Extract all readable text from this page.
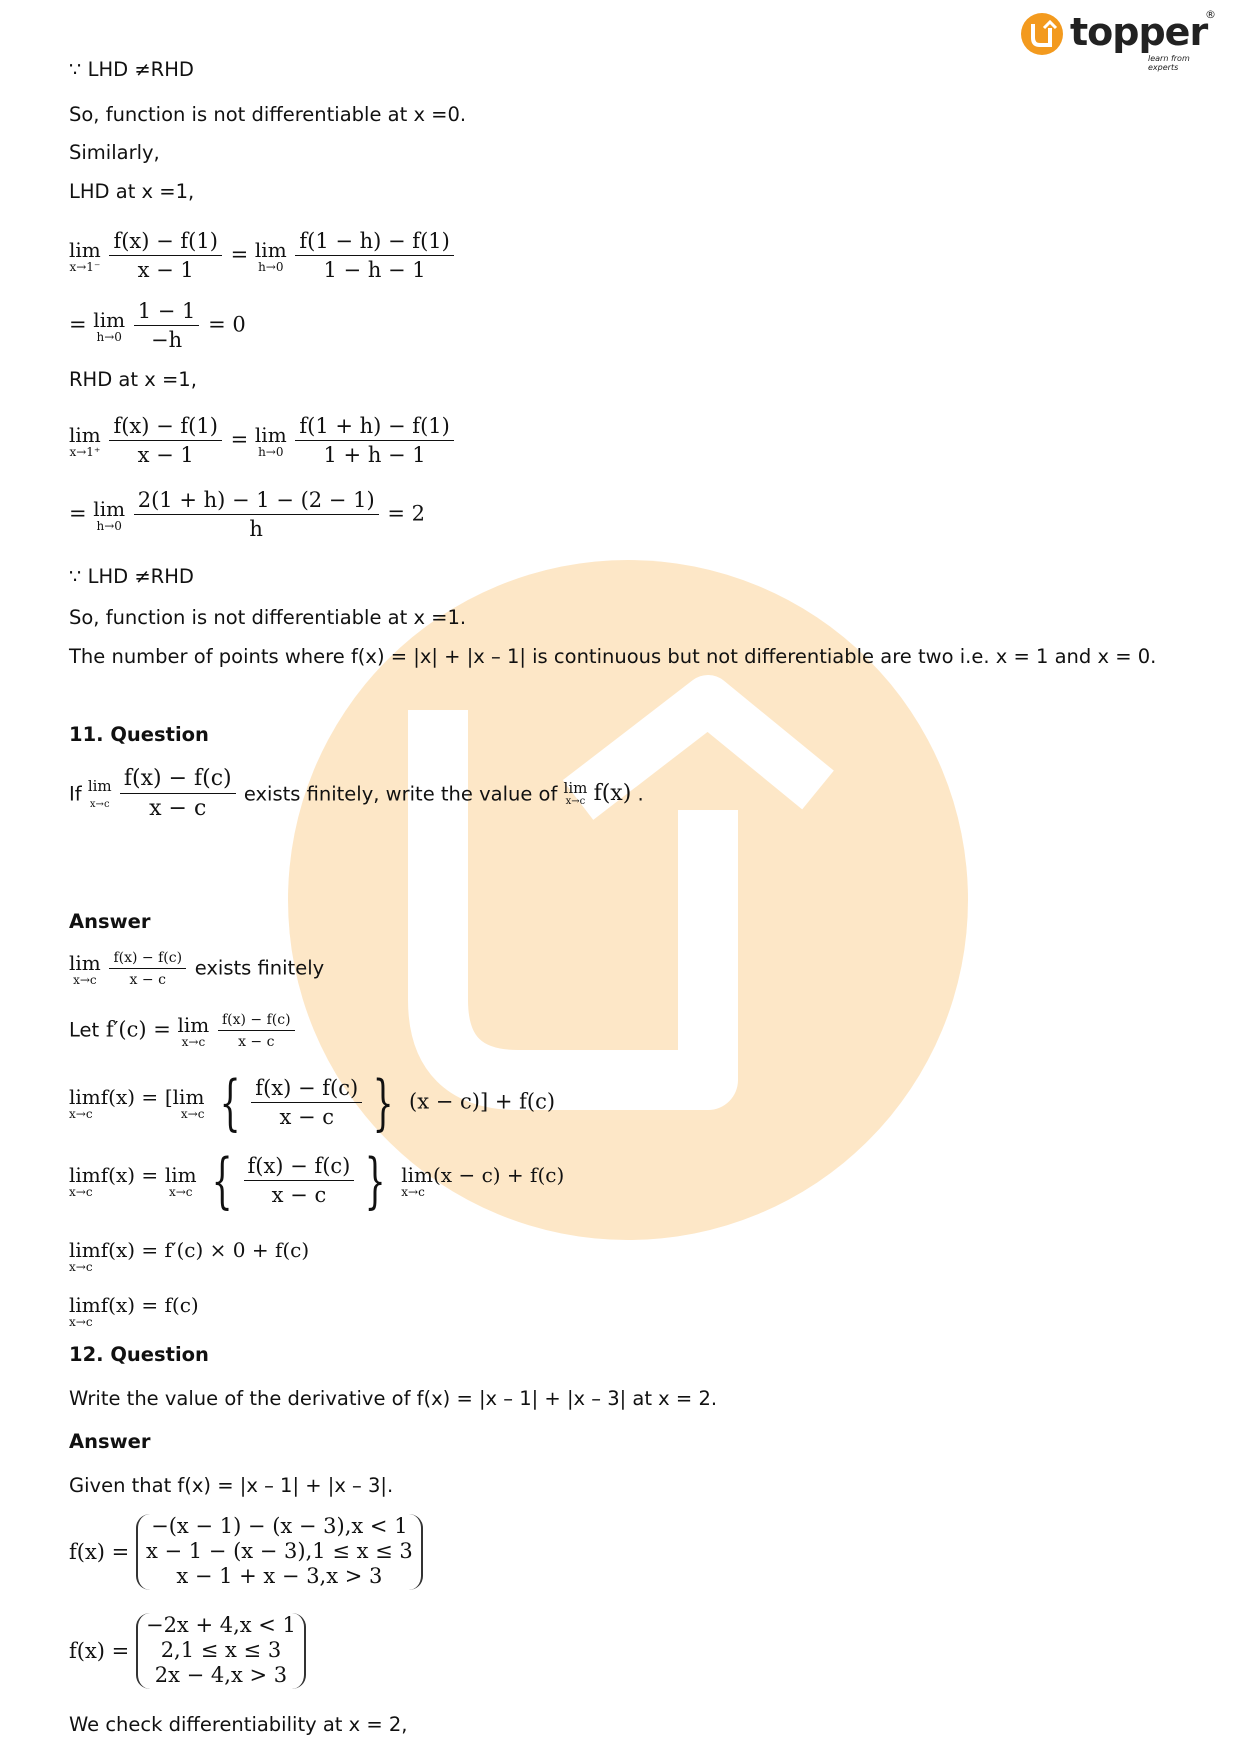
topper
®
learn from experts
∵ LHD ≠RHD
So, function is not differentiable at x =0.
Similarly,
LHD at x =1,
lim
x→1⁻
$\frac{f(x) - f(1)}{x - 1} = \lim$
h→0
$\frac{f(1 - h) - f(1)}{1 - h - 1}$
= lim
h→0
$\frac{1 - 1}{-h} = 0$
RHD at x =1,
lim
x→1⁺
$\frac{f(x) - f(1)}{x - 1} = \lim$
h→0
$\frac{f(1 + h) - f(1)}{1 + h - 1}$
= lim
h→0
$\frac{2(1 + h) - 1 - (2 - 1)}{h} = 2$
∵ LHD ≠RHD
So, function is not differentiable at x =1.
The number of points where f(x) = |x| + |x – 1| is continuous but not differentiable are two i.e. x = 1 and x = 0.
11. Question
If lim
x→c
$\frac{f(x) - f(c)}{x - c}$ exists finitely, write the value of lim
x→c f(x) .
Answer
lim
x→c
$\frac{f(x) - f(c)}{x - c}$ exists finitely
Let f′(c) = lim
x→c
$\frac{f(x) - f(c)}{x - c}$
limf(x) =
x→c

[lim
x→c { $\frac{f(x) - f(c)}{x - c}$ } (x − c)] + f(c)
limf(x) =
x→c

lim
x→c { $\frac{f(x) - f(c)}{x - c}$ } lim(x − c) + f(c)
x→c
limf(x) = f′(c) × 0 + f(c)
x→c
limf(x) = f(c)
x→c
12. Question
Write the value of the derivative of f(x) = |x – 1| + |x – 3| at x = 2.
Answer
Given that f(x) = |x – 1| + |x – 3|.
f(x) =
−(x − 1) − (x − 3),x < 1
x − 1 − (x − 3),1 ≤ x ≤ 3
x − 1 + x − 3,x > 3
f(x) =
−2x + 4,x < 1
2,1 ≤ x ≤ 3
2x − 4,x > 3
We check differentiability at x = 2,
